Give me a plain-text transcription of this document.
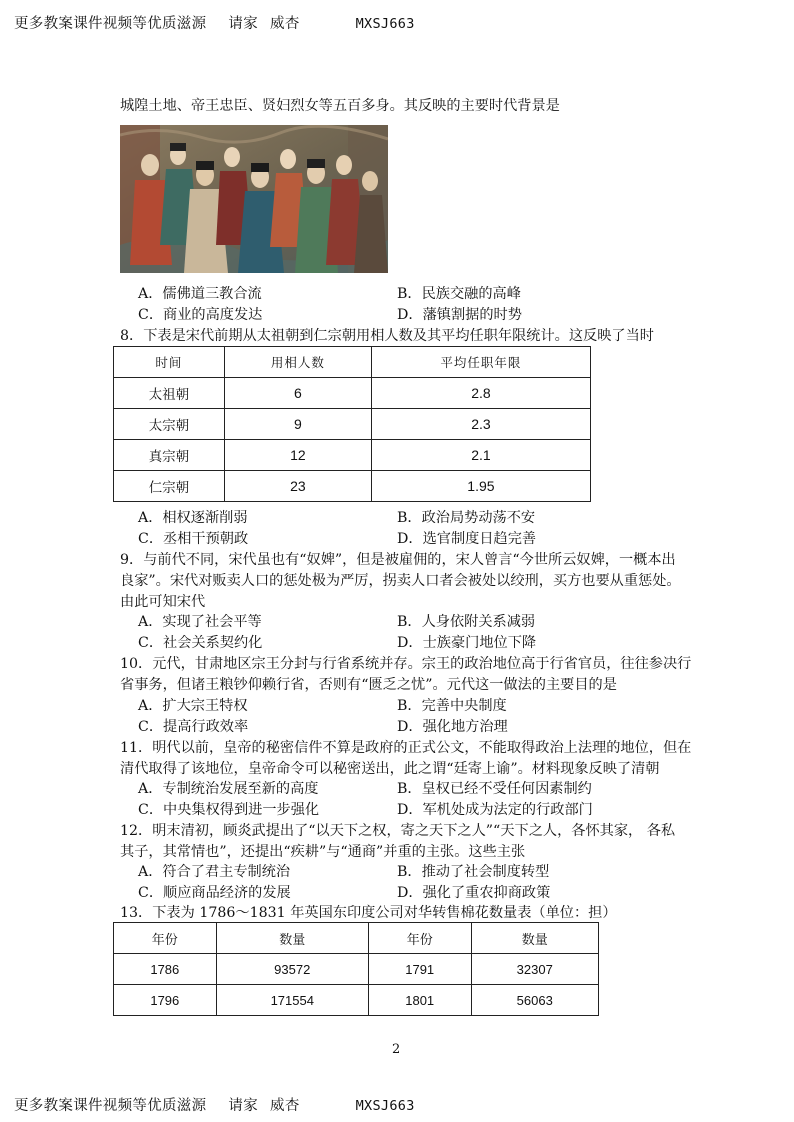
更多教案课件视频等优质滋源 请家 威杏	MXSJ663
城隍土地、帝王忠臣、贤妇烈女等五百多身。其反映的主要时代背景是
A．儒佛道三教合流	B．民族交融的高峰
C．商业的高度发达	D．藩镇割据的时势
8．下表是宋代前期从太祖朝到仁宗朝用相人数及其平均任职年限统计。这反映了当时
时间	用相人数	平均任职年限
太祖朝	6	2.8
太宗朝	9	2.3
真宗朝	12	2.1
仁宗朝	23	1.95
A．相权逐渐削弱	B．政治局势动荡不安
C．丞相干预朝政	D．选官制度日趋完善
9．与前代不同，宋代虽也有“奴婢”，但是被雇佣的，宋人曾言“今世所云奴婢，一概本出
良家”。宋代对贩卖人口的惩处极为严厉，拐卖人口者会被处以绞刑，买方也要从重惩处。
由此可知宋代
A．实现了社会平等	B．人身依附关系减弱
C．社会关系契约化	D．士族豪门地位下降
10．元代，甘肃地区宗王分封与行省系统并存。宗王的政治地位高于行省官员，往往参决行
省事务，但诸王粮钞仰赖行省，否则有“匮乏之忧”。元代这一做法的主要目的是
A．扩大宗王特权	B．完善中央制度
C．提高行政效率	D．强化地方治理
11．明代以前，皇帝的秘密信件不算是政府的正式公文，不能取得政治上法理的地位，但在
清代取得了该地位，皇帝命令可以秘密送出，此之谓“廷寄上谕”。材料现象反映了清朝
A．专制统治发展至新的高度	B．皇权已经不受任何因素制约
C．中央集权得到进一步强化	D．军机处成为法定的行政部门
12．明末清初，顾炎武提出了“以天下之权，寄之天下之人”“天下之人，各怀其家， 各私
其子，其常情也”，还提出“疾耕”与“通商”并重的主张。这些主张
A．符合了君主专制统治	B．推动了社会制度转型
C．顺应商品经济的发展	D．强化了重农抑商政策
13．下表为 1786～1831 年英国东印度公司对华转售棉花数量表（单位：担）
年份	数量	年份	数量
1786	93572	1791	32307
1796	171554	1801	56063
2
更多教案课件视频等优质滋源 请家 威杏	MXSJ663
